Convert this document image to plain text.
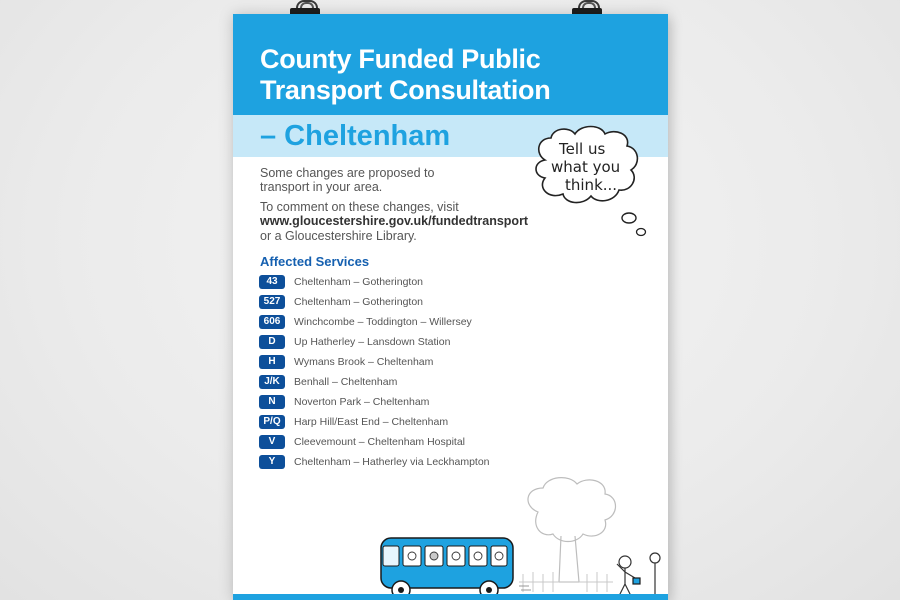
County Funded Public
Transport Consultation
– Cheltenham
Some changes are proposed to
transport in your area.
To comment on these changes, visit
www.gloucestershire.gov.uk/fundedtransport
or a Gloucestershire Library.
Tell us
what you
think...
Affected Services
43	Cheltenham – Gotherington
527	Cheltenham – Gotherington
606	Winchcombe – Toddington – Willersey
D	Up Hatherley – Lansdown Station
H	Wymans Brook – Cheltenham
J/K	Benhall – Cheltenham
N	Noverton Park – Cheltenham
P/Q	Harp Hill/East End – Cheltenham
V	Cleevemount – Cheltenham Hospital
Y	Cheltenham – Hatherley via Leckhampton
